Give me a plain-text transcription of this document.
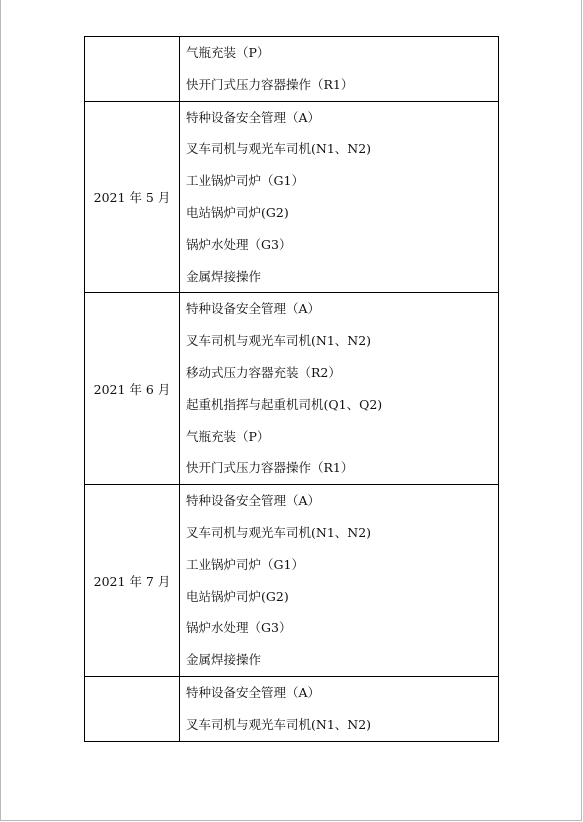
气瓶充装（P）
快开门式压力容器操作（R1）
2021 年 5 月
特种设备安全管理（A）
叉车司机与观光车司机(N1、N2)
工业锅炉司炉（G1）
电站锅炉司炉(G2)
锅炉水处理（G3）
金属焊接操作
2021 年 6 月
特种设备安全管理（A）
叉车司机与观光车司机(N1、N2)
移动式压力容器充装（R2）
起重机指挥与起重机司机(Q1、Q2)
气瓶充装（P）
快开门式压力容器操作（R1）
2021 年 7 月
特种设备安全管理（A）
叉车司机与观光车司机(N1、N2)
工业锅炉司炉（G1）
电站锅炉司炉(G2)
锅炉水处理（G3）
金属焊接操作
特种设备安全管理（A）
叉车司机与观光车司机(N1、N2)
